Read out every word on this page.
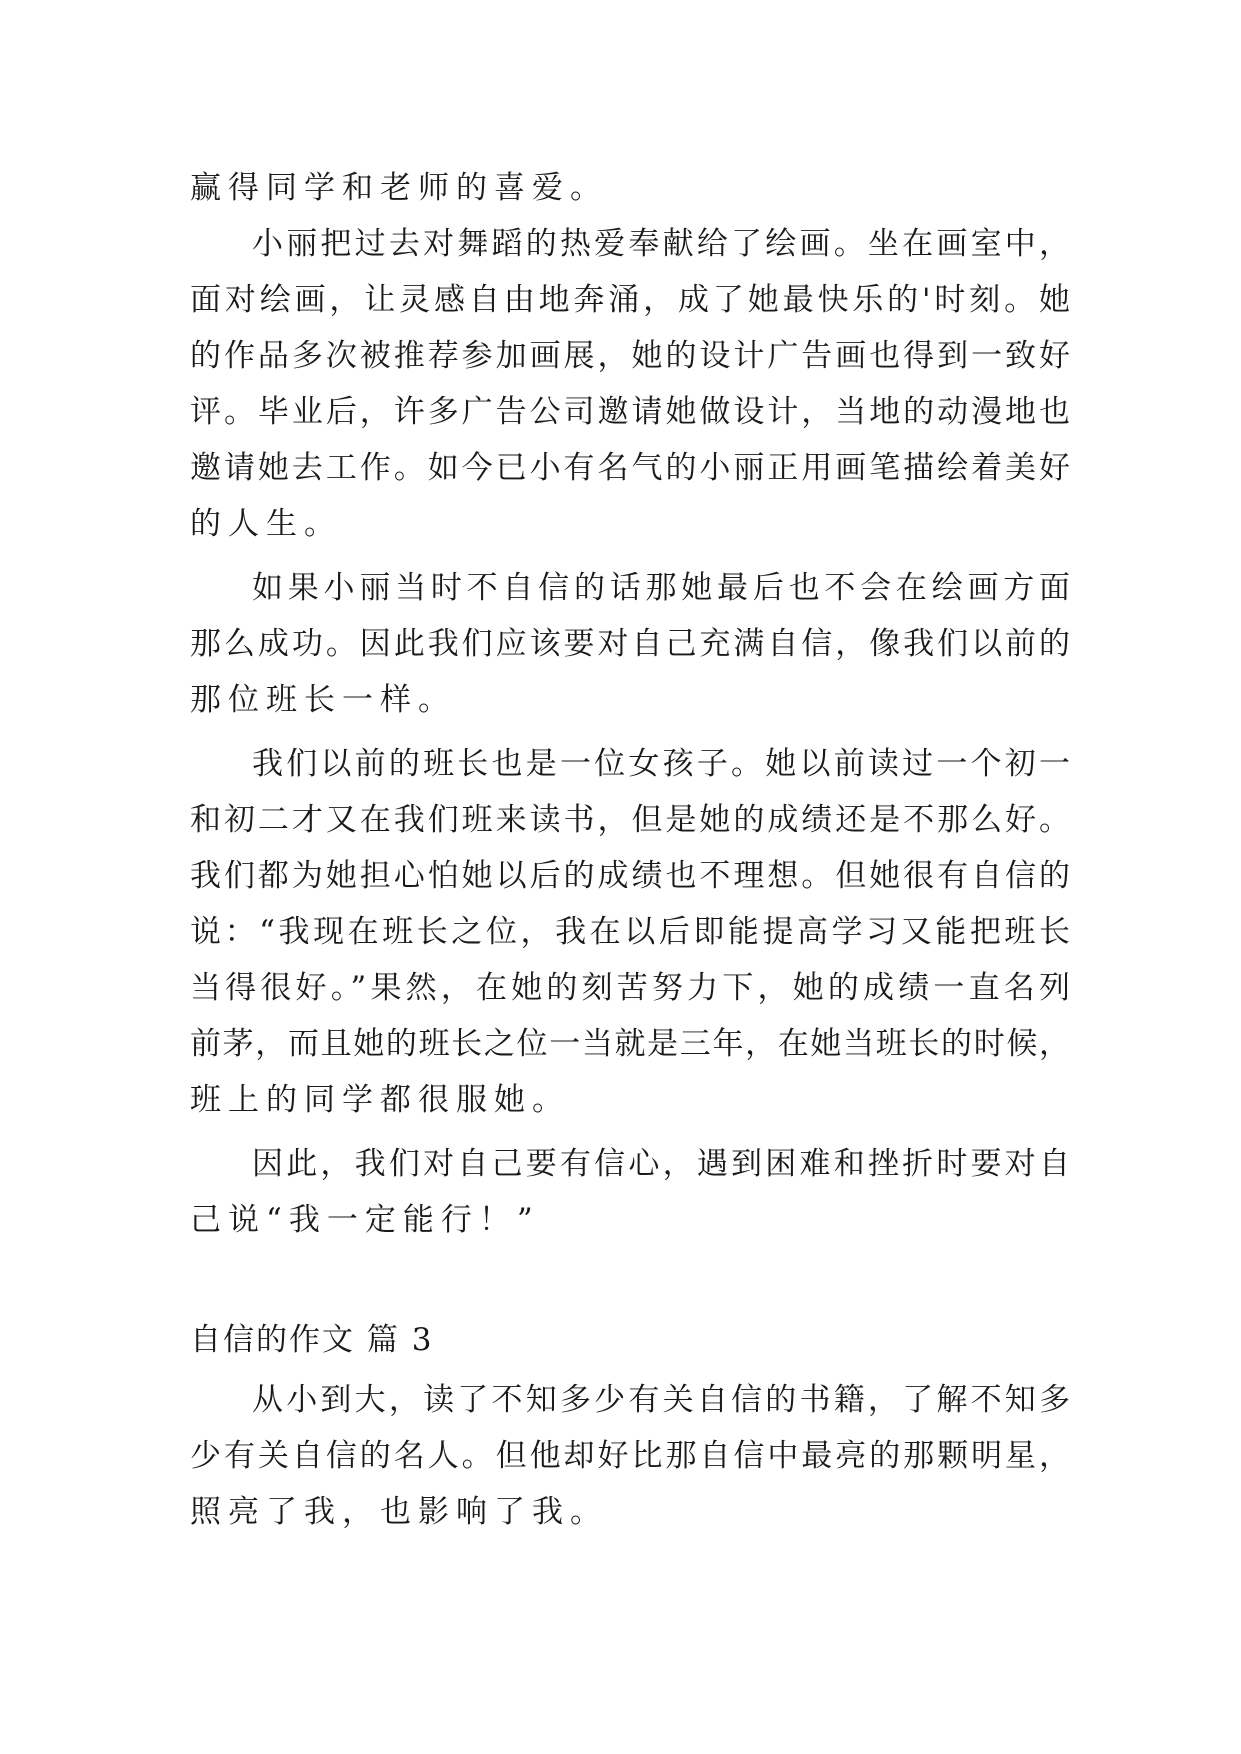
赢得同学和老师的喜爱。
小丽把过去对舞蹈的热爱奉献给了绘画。坐在画室中，
面对绘画，让灵感自由地奔涌，成了她最快乐的'时刻。她
的作品多次被推荐参加画展，她的设计广告画也得到一致好
评。毕业后，许多广告公司邀请她做设计，当地的动漫地也
邀请她去工作。如今已小有名气的小丽正用画笔描绘着美好
的人生。
如果小丽当时不自信的话那她最后也不会在绘画方面
那么成功。因此我们应该要对自己充满自信，像我们以前的
那位班长一样。
我们以前的班长也是一位女孩子。她以前读过一个初一
和初二才又在我们班来读书，但是她的成绩还是不那么好。
我们都为她担心怕她以后的成绩也不理想。但她很有自信的
说：“我现在班长之位，我在以后即能提高学习又能把班长
当得很好。”果然，在她的刻苦努力下，她的成绩一直名列
前茅，而且她的班长之位一当就是三年，在她当班长的时候，
班上的同学都很服她。
因此，我们对自己要有信心，遇到困难和挫折时要对自
己说“我一定能行！”
自信的作文 篇 3
从小到大，读了不知多少有关自信的书籍，了解不知多
少有关自信的名人。但他却好比那自信中最亮的那颗明星，
照亮了我，也影响了我。
